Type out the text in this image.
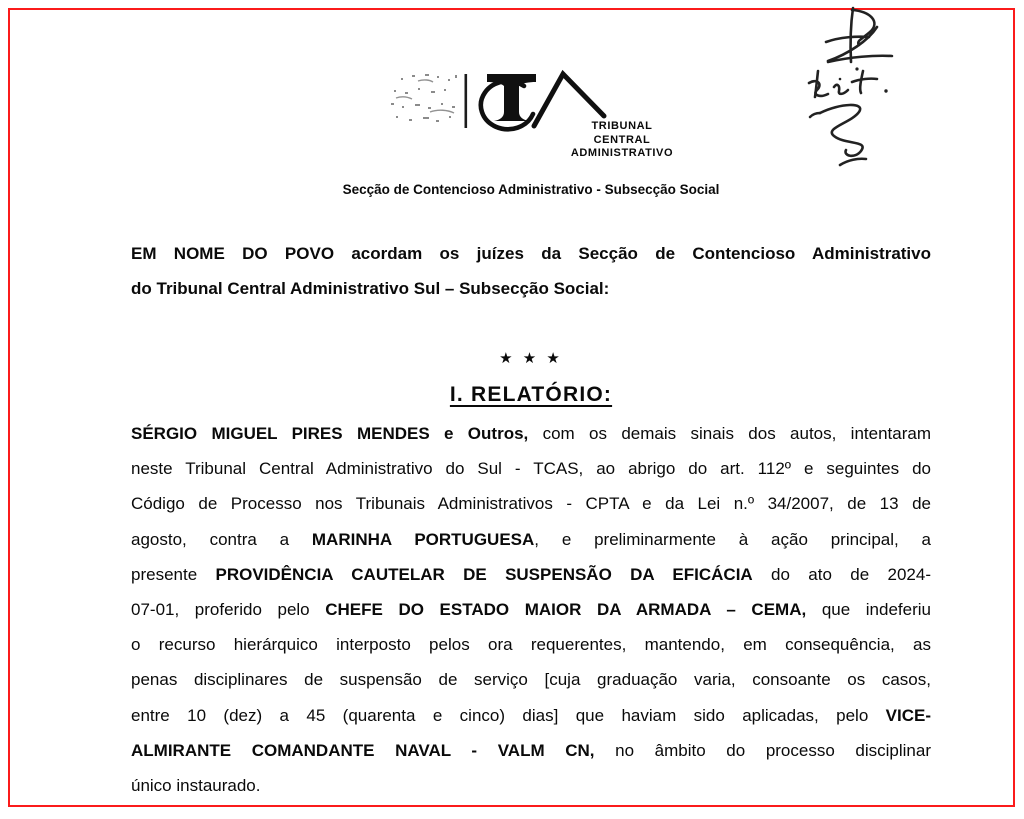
TRIBUNAL
CENTRAL
ADMINISTRATIVO
Secção de Contencioso Administrativo - Subsecção Social
EM NOME DO POVO acordam os juízes da Secção de Contencioso Administrativo
do Tribunal Central Administrativo Sul – Subsecção Social:
★ ★ ★
I. RELATÓRIO:
SÉRGIO MIGUEL PIRES MENDES e Outros, com os demais sinais dos autos, intentaram
neste Tribunal Central Administrativo do Sul - TCAS, ao abrigo do art. 112º e seguintes do
Código de Processo nos Tribunais Administrativos - CPTA e da Lei n.º 34/2007, de 13 de
agosto, contra a MARINHA PORTUGUESA, e preliminarmente à ação principal, a
presente PROVIDÊNCIA CAUTELAR DE SUSPENSÃO DA EFICÁCIA do ato de 2024-
07-01, proferido pelo CHEFE DO ESTADO MAIOR DA ARMADA – CEMA, que indeferiu
o recurso hierárquico interposto pelos ora requerentes, mantendo, em consequência, as
penas disciplinares de suspensão de serviço [cuja graduação varia, consoante os casos,
entre 10 (dez) a 45 (quarenta e cinco) dias] que haviam sido aplicadas, pelo VICE-
ALMIRANTE COMANDANTE NAVAL - VALM CN, no âmbito do processo disciplinar
único instaurado.
